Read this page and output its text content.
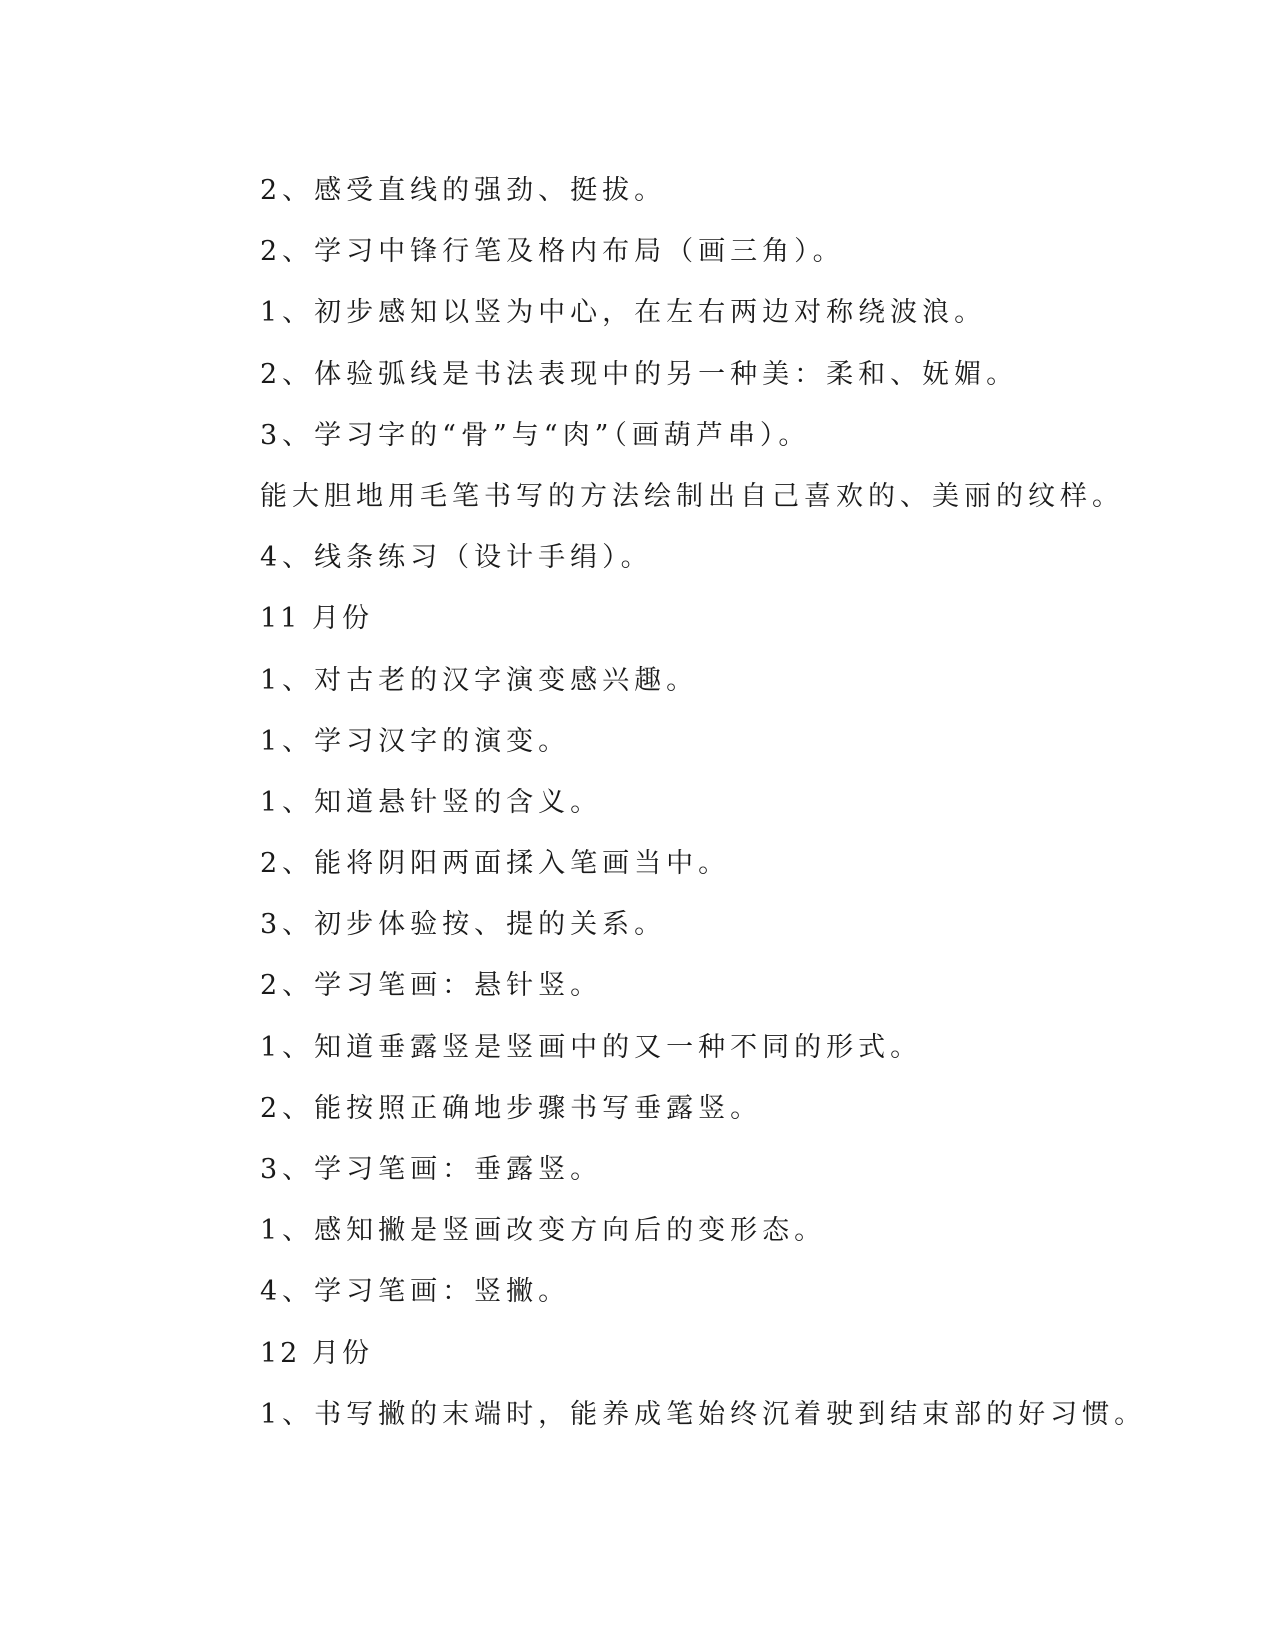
2、感受直线的强劲、挺拔。
2、学习中锋行笔及格内布局（画三角）。
1、初步感知以竖为中心，在左右两边对称绕波浪。
2、体验弧线是书法表现中的另一种美：柔和、妩媚。
3、学习字的“骨”与“肉”（画葫芦串）。
能大胆地用毛笔书写的方法绘制出自己喜欢的、美丽的纹样。
4、线条练习（设计手绢）。
11 月份
1、对古老的汉字演变感兴趣。
1、学习汉字的演变。
1、知道悬针竖的含义。
2、能将阴阳两面揉入笔画当中。
3、初步体验按、提的关系。
2、学习笔画：悬针竖。
1、知道垂露竖是竖画中的又一种不同的形式。
2、能按照正确地步骤书写垂露竖。
3、学习笔画：垂露竖。
1、感知撇是竖画改变方向后的变形态。
4、学习笔画：竖撇。
12 月份
1、书写撇的末端时，能养成笔始终沉着驶到结束部的好习惯。
